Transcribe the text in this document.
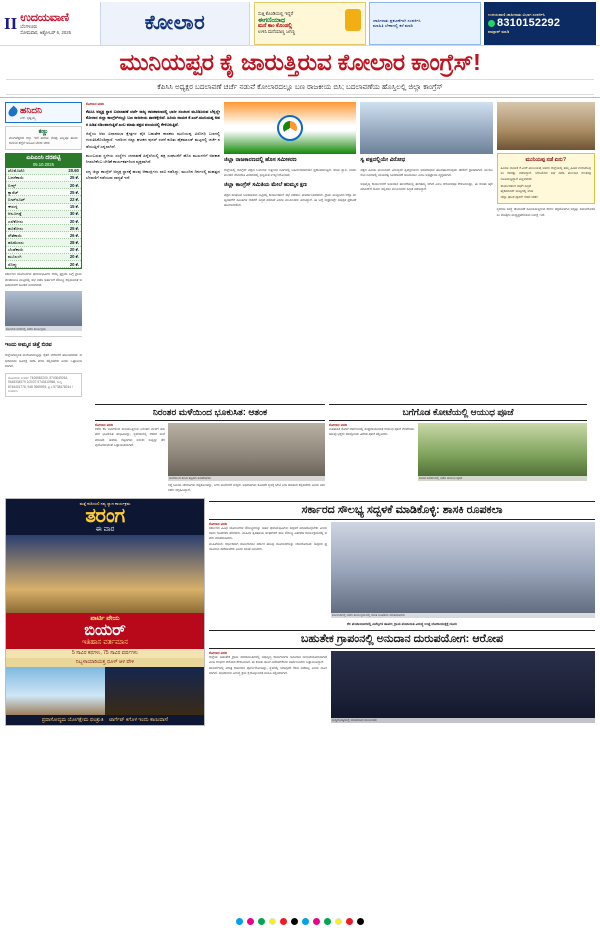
II ಉದಯವಾಣಿ
ಬೆಂಗಳೂರು
ಸೋಮವಾರ, ಅಕ್ಟೋಬರ್ 6, 2025	ಕೋಲಾರ	ಸುತ್ತಿ ಕೊಂಡಿಯಲ್ಲಿ ಇದ್ದರೆ
ಈಗಣಿಯಾಧ
ಮನೆ ಕಾಂ ಕೊಂಡಲ್ಲಿ
ಉಳಿಸಿ ಮನೆಯಾಣ್ಣ ಜಗಣ್ಣ
ಜಾಹೀರಾತು ಪ್ರಕಟಣೆಗಾಗಿ ಸಂಪರ್ಕಿಸಿ
ಮಾಹಿತಿ ಬೇಕಾದಲ್ಲಿ ಕರೆ ಮಾಡಿ
ಉದಯವಾಣಿ ಜಾಹೀರಾತು ವಿಭಾಗ ಸಂಪರ್ಕಿಸಿ
8310152292
ವಾಟ್ಸಾಪ್ ಮಾಡಿ
ಮುನಿಯಪ್ಪರ ಕೈ ಜಾರುತ್ತಿರುವ ಕೋಲಾರ ಕಾಂಗ್ರೆಸ್!
ಕೆಪಿಸಿಸಿ ಅಧ್ಯಕ್ಷರ ಬದಲಾವಣೆ ಚರ್ಚೆ ನಡುವೆ ಕೋಲಾರದಲ್ಲೂ ಬಣ ರಾಜಕೀಯ ಬಿಸಿ; ಬದಲಾವಣೆಯ ಹೊಸ್ತಿಲಲ್ಲಿ ಜಿಲ್ಲಾ ಕಾಂಗ್ರೆಸ್
ಹನಿದನಿ
ಎಸ್. ಕೃಷ್ಣಯ್ಯ
ಕಣ್ಣು
ಮುಗಿಲೆತ್ತರದ ಕಣ್ಣು ಇದೆ ಹಳೆಯ ನೆನಪು ಎಲ್ಲವೂ ಹಸಿರು ಕಾಣುವ ಕಣ್ಣಿಗೆ ಅರಿವಿನ ಬೆಳಕು ಬೇಕು
ಎಪಿಎಂಸಿ ದರಪಟ್ಟಿ
05.10.2025
ಟೊಮೊಟೊ	20.60
ಬದನೆಕಾಯಿ	25 ಕೆ.
ಬೀನ್ಸ್	20 ಕೆ.
ಕ್ಯಾರೆಟ್	25 ಕೆ.
ಬೀಟ್‌ರೂಟ್	22 ಕೆ.
ಈರುಳ್ಳಿ	15 ಕೆ.
ಆಲೂಗಡ್ಡೆ	30 ಕೆ.
ಎಲೆಕೋಸು	20 ಕೆ.
ಹೂಕೋಸು	25 ಕೆ.
ಸೌತೆಕಾಯಿ	26 ಕೆ.
ಹಸಿಮೆಣಸು	28 ಕೆ.
ಬೆಂಡೆಕಾಯಿ	20 ಕೆ.
ಮೂಲಂಗಿ	20 ಕೆ.
ಸೊಪ್ಪು	20 ಕೆ.
ಸರ್ಕಾರದ ಯೋಜನೆಗಳ ಫಲಾನುಭವಿಗಳ ಆಯ್ಕೆ ಪ್ರಕ್ರಿಯೆ ಬಗ್ಗೆ ಗ್ರಾಮ ಪಂಚಾಯಿತಿ ಮಟ್ಟದಲ್ಲಿ ಸಭೆ ನಡೆಸಿ ಅರ್ಹರಿಗೆ ಸೌಲಭ್ಯ ಕಲ್ಪಿಸುವಂತೆ ಅಧಿಕಾರಿಗಳಿಗೆ ಸೂಚನೆ ನೀಡಲಾಗಿದೆ.
ಕೋಲಾರ ನಗರದಲ್ಲಿ ನಡೆದ ಕಾರ್ಯಕ್ರಮ
ಇಂದು ಅಮ್ಮನ ಚಿತ್ತೆ ಬಿರವ
ಜಿಲ್ಲೆಯಾದ್ಯಂತ ಮಳೆಯಾಗುತ್ತಿದ್ದು ರೈತರ ಬೆಳೆಗಳಿಗೆ ಹಾನಿಯಾಗಿದೆ. ಅಧಿಕಾರಿಗಳು ಸಮೀಕ್ಷೆ ನಡೆಸಿ ವರದಿ ಸಲ್ಲಿಸಬೇಕು ಎಂದು ಒತ್ತಾಯಿಸಲಾಗಿದೆ.
ಜಾಹೀರಾತು ಸಂಪರ್ಕ 7406962200, 9743049264, 9448334979 1/2007-9743410966, ಸುದ್ದಿ 8746401778, 948 3965993, ಪ್ರ.ಕ 9738478244 / ಸಂಪರ್ಕಿಸಿ
ಕೋಲಾರ ವರದಿ
ಕೆಪಿಸಿಸಿ ಅಧ್ಯಕ್ಷ ಸ್ಥಾನ ಬದಲಾವಣೆ ಚರ್ಚೆ ರಾಜ್ಯ ರಾಜಕಾರಣದಲ್ಲಿ ಭಾರೀ ಸಂಚಲನ ಮೂಡಿಸಿರುವ ಬೆನ್ನಲ್ಲೇ ಕೋಲಾರ ಜಿಲ್ಲಾ ಕಾಂಗ್ರೆಸ್‌ನಲ್ಲೂ ಬಣ ರಾಜಕೀಯ ತಾರಕಕ್ಕೇರಿದೆ. ಹಿರಿಯ ನಾಯಕ ಕೆ.ಎಚ್.ಮುನಿಯಪ್ಪ ಅವರ ಹಿಡಿತ ಸಡಿಲವಾಗುತ್ತಿದೆ ಎಂಬ ಮಾತು ಪಕ್ಷದ ವಲಯದಲ್ಲಿ ಕೇಳಿಬರುತ್ತಿದೆ.
ಜಿಲ್ಲೆಯ ಆರು ವಿಧಾನಸಭಾ ಕ್ಷೇತ್ರಗಳ ಪೈಕಿ ಬಹುತೇಕ ಶಾಸಕರು ಮುನಿಯಪ್ಪ ವಿರೋಧಿ ಬಣದಲ್ಲಿ ಗುರುತಿಸಿಕೊಂಡಿದ್ದಾರೆ. ಇದರಿಂದ ಜಿಲ್ಲಾ ಘಟಕದ ಪುನರ್ ರಚನೆ ಕುರಿತು ಹೈಕಮಾಂಡ್ ಮಟ್ಟದಲ್ಲಿ ಚರ್ಚೆ ನಡೆಯುತ್ತಿದೆ ಎನ್ನಲಾಗಿದೆ.
ಮುಂಬರುವ ಸ್ಥಳೀಯ ಸಂಸ್ಥೆಗಳ ಚುನಾವಣೆ ಹಿನ್ನೆಲೆಯಲ್ಲಿ ಪಕ್ಷ ಸಂಘಟನೆಗೆ ಹೊಸ ಮುಖಗಳಿಗೆ ಅವಕಾಶ ನೀಡಬೇಕೆಂಬ ಬೇಡಿಕೆ ಕಾರ್ಯಕರ್ತರಿಂದ ವ್ಯಕ್ತವಾಗಿದೆ.
ಸದ್ಯ ಜಿಲ್ಲಾ ಕಾಂಗ್ರೆಸ್ ಅಧ್ಯಕ್ಷ ಸ್ಥಾನಕ್ಕೆ ಹಲವು ಆಕಾಂಕ್ಷಿಗಳು ಲಾಬಿ ನಡೆಸಿದ್ದು, ಮುಂದಿನ ದಿನಗಳಲ್ಲಿ ಮಹತ್ವದ ಬೆಳವಣಿಗೆ ನಡೆಯುವ ಸಾಧ್ಯತೆ ಇದೆ.
ಜಿಲ್ಲಾ ರಾಜಕಾರಣದಲ್ಲಿ ಹೊಸ ಸಮೀಕರಣ
ಜಿಲ್ಲೆಯಲ್ಲಿ ಕಾಂಗ್ರೆಸ್ ಪಕ್ಷದ ಒಳಜಗಳ ಇತ್ತೀಚಿನ ದಿನಗಳಲ್ಲಿ ಬಹಿರಂಗವಾಗಿಯೇ ಪ್ರಕಟವಾಗುತ್ತಿದೆ. ಸಚಿವ ಸ್ಥಾನ, ನಿಗಮ ಮಂಡಳಿ ನೇಮಕಾತಿ ವಿಚಾರದಲ್ಲಿ ಭಿನ್ನಮತ ಉಲ್ಬಣಗೊಂಡಿದೆ.
ಜಿಲ್ಲಾ ಕಾಂಗ್ರೆಸ್ ಸಮಿತಿಯ ಮೇಲೆ ಹುಮ್ಮಸ ಕ್ಷಣ
ಪಕ್ಷದ ಸಂಘಟನೆ ಬಲಪಡಿಸುವ ನಿಟ್ಟಿನಲ್ಲಿ ಕಾರ್ಯಕರ್ತರ ಸಭೆ ನಡೆಸಲು ತೀರ್ಮಾನಿಸಲಾಗಿದೆ. ಗ್ರಾಮ ಮಟ್ಟದಿಂದ ಜಿಲ್ಲಾ ಮಟ್ಟದವರೆಗೆ ಸಮಿತಿಗಳ ರಚನೆಗೆ ಸಿದ್ಧತೆ ನಡೆದಿದೆ ಎಂದು ಮುಖಂಡರು ತಿಳಿಸಿದ್ದಾರೆ. ಈ ಬಗ್ಗೆ ಶೀಘ್ರದಲ್ಲೇ ಅಧಿಕೃತ ಪ್ರಕಟಣೆ ಹೊರಬೀಳಲಿದೆ.
ಸ್ವ ಪಕ್ಷದಲ್ಲಿಯೇ ವಿರೋಧ
ಪಕ್ಷದ ಹಿರಿಯ ಮುಖಂಡರ ವಿರುದ್ಧವೇ ಸ್ವಪಕ್ಷೀಯರು ಅಸಮಾಧಾನ ಹೊರಹಾಕಿರುವುದು ಚರ್ಚೆಗೆ ಗ್ರಾಸವಾಗಿದೆ. ಮುಂಬರುವ ದಿನಗಳಲ್ಲಿ ನಾಯಕತ್ವ ಬದಲಾವಣೆ ಅನಿವಾರ್ಯ ಎಂಬ ಅಭಿಪ್ರಾಯ ವ್ಯಕ್ತವಾಗಿದೆ.
ಅಭಿವೃದ್ಧಿ ಕಾರ್ಯಗಳಿಗೆ ಅನುದಾನ ಹಂಚಿಕೆಯಲ್ಲಿ ತಾರತಮ್ಯ ಆಗಿದೆ ಎಂಬ ಆರೋಪವೂ ಕೇಳಿಬಂದಿದ್ದು, ಈ ಕುರಿತು ಹೈಕಮಾಂಡ್‌ಗೆ ದೂರು ಸಲ್ಲಿಸಲು ಮುಖಂಡರು ಸಿದ್ಧತೆ ನಡೆಸಿದ್ದಾರೆ.
ಮುನಿಯಪ್ಪ ನಡೆ ಏನು?
ಹಿರಿಯ ನಾಯಕ ಕೆ.ಎಚ್.ಮುನಿಯಪ್ಪ ಅವರು ಜಿಲ್ಲೆಯಲ್ಲಿ ತಮ್ಮ ಹಿಡಿತ ಉಳಿಸಿಕೊಳ್ಳಲು ಕಸರತ್ತು ನಡೆಸಿದ್ದಾರೆ. ಬೆಂಬಲಿಗರ ಸಭೆ ನಡೆಸಿ ಮುಂದಿನ ರಣತಂತ್ರ ರೂಪಿಸುತ್ತಿದ್ದಾರೆ ಎನ್ನಲಾಗಿದೆ.
ಕಾರ್ಯಕರ್ತರ ಸಭೆಗೆ ಸಿದ್ಧತೆ
ಹೈಕಮಾಂಡ್ ಮಟ್ಟದಲ್ಲಿ ಲಾಬಿ
ಜಿಲ್ಲಾ ಘಟಕ ಪುನರ್ ರಚನೆ ಚರ್ಚೆ
ಸ್ಥಳೀಯ ಸಂಸ್ಥೆ ಚುನಾವಣೆ ಸಮೀಪಿಸುತ್ತಿರುವ ಕಾರಣ ಪಕ್ಷದೊಳಗಿನ ಬಿಕ್ಕಟ್ಟು ಶಮನಗೊಳಿಸಲು ವರಿಷ್ಠರು ಮಧ್ಯಪ್ರವೇಶಿಸುವ ನಿರೀಕ್ಷೆ ಇದೆ.
ನಿರಂತರ ಮಳೆಯಿಂದ ಭೂಕುಸಿತ: ಆತಂಕ
ಕೋಲಾರ ವರದಿ
ಕಳೆದ ಕೆಲ ದಿನಗಳಿಂದ ಸುರಿಯುತ್ತಿರುವ ನಿರಂತರ ಮಳೆಗೆ ಹಲವೆಡೆ ಭೂಕುಸಿತ ಸಂಭವಿಸಿದ್ದು, ಸ್ಥಳೀಯರಲ್ಲಿ ಆತಂಕ ಮನೆ ಮಾಡಿದೆ. ಹಳೆಯ ಕಟ್ಟಡಗಳು ಬಿರುಕು ಬಿಟ್ಟಿದ್ದು ತೆರವುಗೊಳಿಸುವಂತೆ ಒತ್ತಾಯಿಸಲಾಗಿದೆ.
ಮಳೆಯಿಂದ ಕುಸಿದ ಕಟ್ಟಡದ ಅವಶೇಷಗಳು
ರಸ್ತೆ ಬದಿಯ ಚರಂಡಿಗಳು ಕಟ್ಟಿಕೊಂಡಿದ್ದು, ನೀರು ಮನೆಗಳಿಗೆ ನುಗ್ಗಿದೆ. ಅಧಿಕಾರಿಗಳು ಕೂಡಲೇ ಸ್ಥಳಕ್ಕೆ ಭೇಟಿ ನೀಡಿ ಪರಿಹಾರ ಕಲ್ಪಿಸಬೇಕು ಎಂದು ನಾಗರಿಕರು ಆಗ್ರಹಿಸಿದ್ದಾರೆ.
ಬಗೆಗೊಡ ಕೋಟೆಯಲ್ಲಿ ಆಯುಧ ಪೂಜೆ
ಕೋಲಾರ ವರದಿ
ಐತಿಹಾಸಿಕ ಕೋಟೆ ಆವರಣದಲ್ಲಿ ಸಂಪ್ರದಾಯದಂತೆ ಆಯುಧ ಪೂಜೆ ನೆರವೇರಿತು. ಹಲವು ಭಕ್ತರು ಪಾಲ್ಗೊಂಡು ವಿಶೇಷ ಪೂಜೆ ಸಲ್ಲಿಸಿದರು.
ಕೋಟೆ ಆವರಣದಲ್ಲಿ ನಡೆದ ಆಯುಧ ಪೂಜೆ
ಮತ್ತೆ ಕುಡಿಯಲಿ ನವ್ಯ ಸ್ವಾದ ಕಾರ್ಯಕ್ರಮ
ತರಂಗ
ಈ ವಾರ
ಪಾರ್ಟಿ ಪೇಯ
ಬಿಯರ್
ಇತಿಹಾಸ ವರ್ತಮಾನ
5 ಸಾವಿರ ಕಥಗಳು, 75 ಸಾವಿರ ವರ್ಷಗಳು
ನಿಬ್ಬಳಾಯಾರಿಯತ್ತ ಧೂಳ್ ಆಳ ಪೇಳಿ
ಪ್ರವಾಸೋದ್ಯಮ ಯೋಗಕ್ಷೇಮ ಫಲಶ್ರುತಿ ಟಾರ್ಗೆಟ್ ಕಿಗೊಳ ಇಂದು ಕಾಣುವಾಸ!
ಸರ್ಕಾರದ ಸೌಲಭ್ಯ ಸದ್ಬಳಕೆ ಮಾಡಿಕೊಳ್ಳಿ: ಶಾಸಕಿ ರೂಪಕಲಾ
ಕೋಲಾರ ವರದಿ
ಸರ್ಕಾರದ ವಿವಿಧ ಯೋಜನೆಗಳ ಸೌಲಭ್ಯಗಳನ್ನು ಅರ್ಹ ಫಲಾನುಭವಿಗಳು ಸದ್ಬಳಕೆ ಮಾಡಿಕೊಳ್ಳಬೇಕು ಎಂದು ಶಾಸಕಿ ರೂಪಕಲಾ ಹೇಳಿದರು. ಮಹಿಳಾ ಸ್ವಸಹಾಯ ಸಂಘಗಳಿಗೆ ಸಾಲ ಸೌಲಭ್ಯ ವಿತರಣಾ ಕಾರ್ಯಕ್ರಮದಲ್ಲಿ ಅವರು ಮಾತನಾಡಿದರು.
ಮಹಿಳೆಯರು ಆರ್ಥಿಕವಾಗಿ ಸಬಲರಾಗಲು ಸರ್ಕಾರ ಹಲವು ಯೋಜನೆಗಳನ್ನು ಜಾರಿಗೊಳಿಸಿದೆ. ಅವುಗಳ ಪ್ರಯೋಜನ ಪಡೆಯಬೇಕು ಎಂದು ಸಲಹೆ ನೀಡಿದರು.
ಕೋಲಾರದಲ್ಲಿ ನಡೆದ ಕಾರ್ಯಕ್ರಮದಲ್ಲಿ ಶಾಸಕಿ ರೂಪಕಲಾ ಮಾತನಾಡಿದರು
ಕೆಲ ಪಂಚಾಯಿತಿಗಳಲ್ಲಿ ಏಜೆನ್ಸಿಗಳ ಹಾವಳಿ; ಗ್ರಾಮ ಪಂಚಾಯಿತಿ ವಿರುದ್ಧ ಉಚ್ಚ ಲೋಕಾಯುಕ್ತಕ್ಕೆ ದೂರು
ಬಹುತೇಕ ಗ್ರಾಪಂನಲ್ಲಿ ಅನುದಾನ ದುರುಪಯೋಗ: ಆರೋಪ
ಕೋಲಾರ ವರದಿ
ಜಿಲ್ಲೆಯ ಬಹುತೇಕ ಗ್ರಾಮ ಪಂಚಾಯಿತಿಗಳಲ್ಲಿ ಅಭಿವೃದ್ಧಿ ಕಾಮಗಾರಿಗಳ ಅನುದಾನ ದುರುಪಯೋಗವಾಗಿದೆ ಎಂಬ ಗಂಭೀರ ಆರೋಪ ಕೇಳಿಬಂದಿದೆ. ಈ ಕುರಿತು ತನಿಖೆ ನಡೆಸಬೇಕೆಂದು ಸಾರ್ವಜನಿಕರು ಒತ್ತಾಯಿಸಿದ್ದಾರೆ.
ದಾಖಲೆಗಳಲ್ಲಿ ಮಾತ್ರ ಕಾಮಗಾರಿ ಪೂರ್ಣಗೊಂಡಿದ್ದು, ಸ್ಥಳದಲ್ಲಿ ಯಾವುದೇ ಕೆಲಸ ನಡೆದಿಲ್ಲ ಎಂದು ದೂರಲಾಗಿದೆ. ಅಧಿಕಾರಿಗಳ ವಿರುದ್ಧ ಕ್ರಮ ಕೈಗೊಳ್ಳುವಂತೆ ಮನವಿ ಸಲ್ಲಿಸಲಾಗಿದೆ.
ಸುದ್ದಿಗೋಷ್ಠಿಯಲ್ಲಿ ಮಾತನಾಡಿದ ಮುಖಂಡರು
